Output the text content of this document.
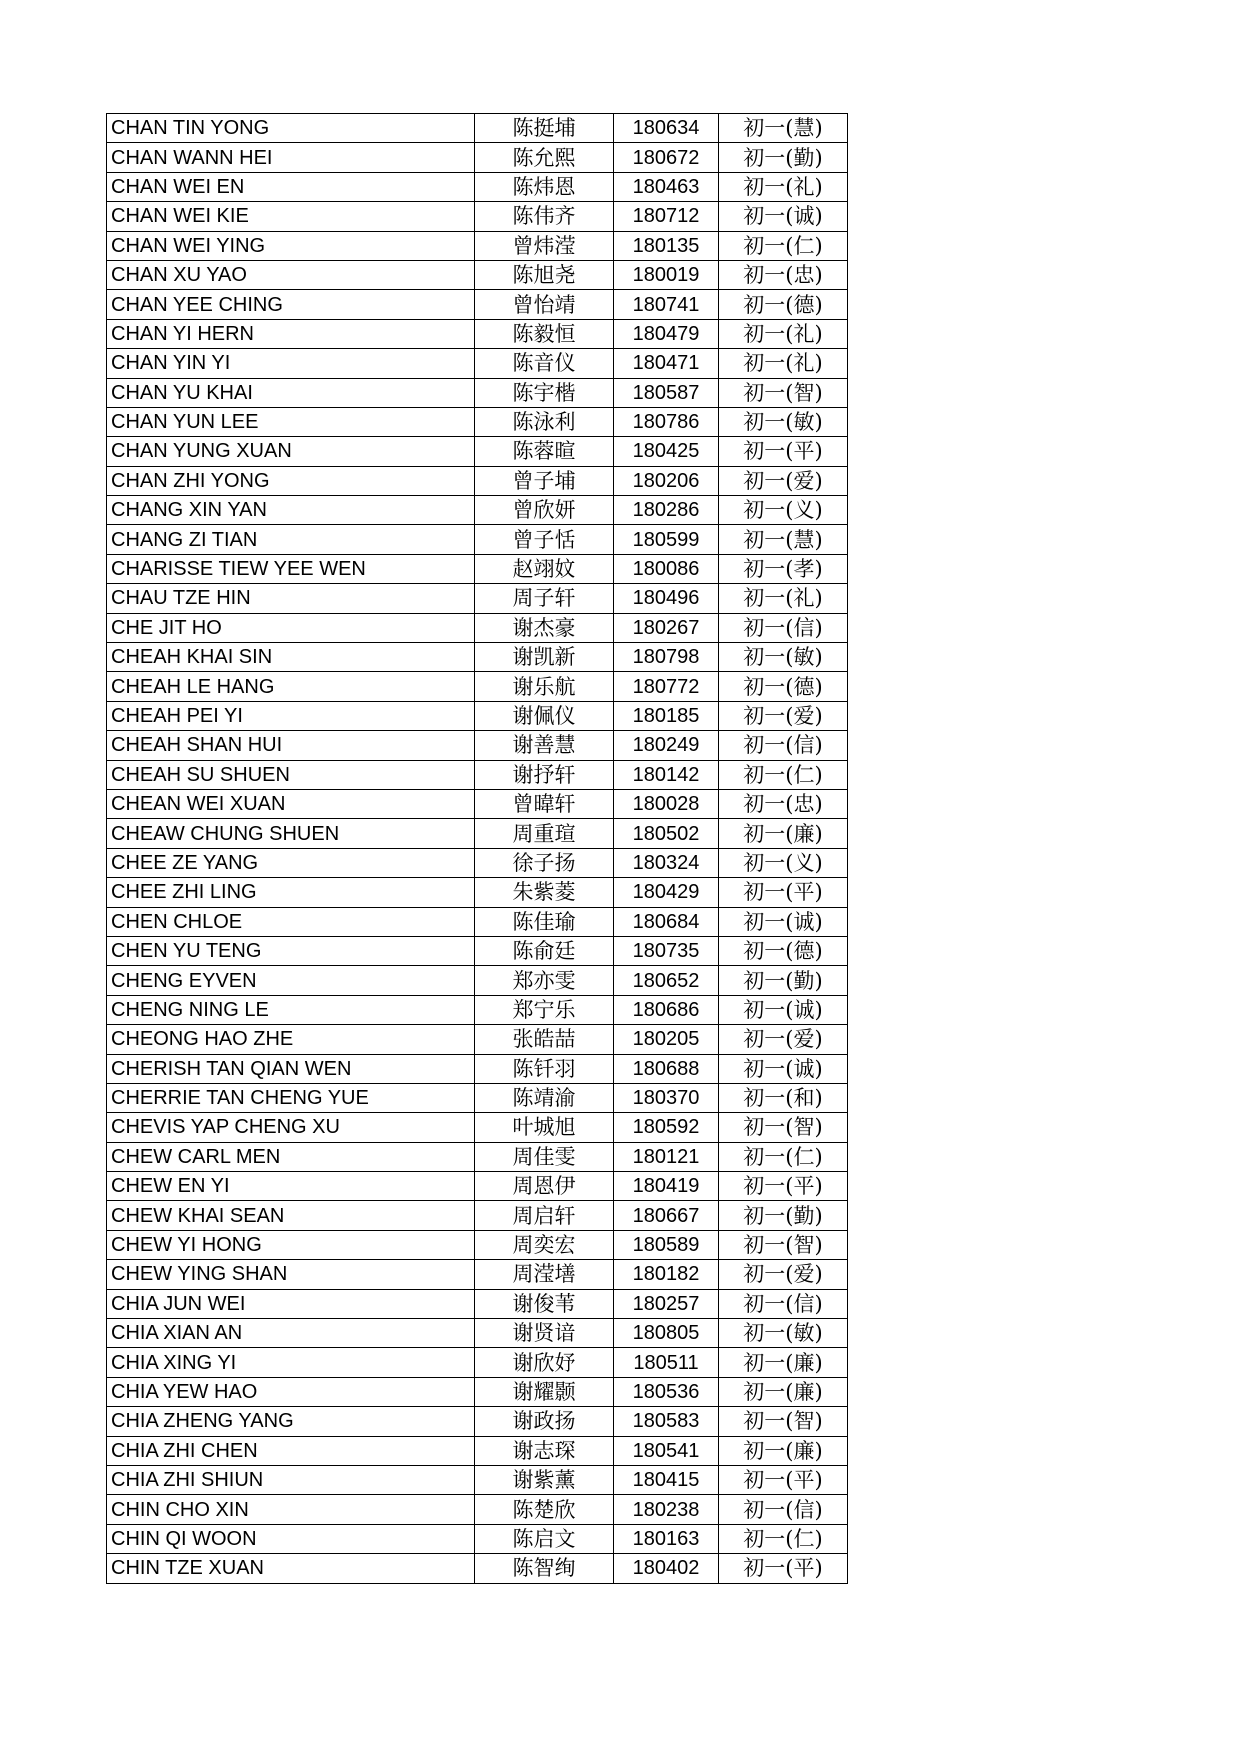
CHAN TIN YONG	陈挺埔	180634	初一(慧)
CHAN WANN HEI	陈允熙	180672	初一(勤)
CHAN WEI EN	陈炜恩	180463	初一(礼)
CHAN WEI KIE	陈伟齐	180712	初一(诚)
CHAN WEI YING	曾炜滢	180135	初一(仁)
CHAN XU YAO	陈旭尧	180019	初一(忠)
CHAN YEE CHING	曾怡靖	180741	初一(德)
CHAN YI HERN	陈毅恒	180479	初一(礼)
CHAN YIN YI	陈音仪	180471	初一(礼)
CHAN YU KHAI	陈宇楷	180587	初一(智)
CHAN YUN LEE	陈泳利	180786	初一(敏)
CHAN YUNG XUAN	陈蓉暄	180425	初一(平)
CHAN ZHI YONG	曾子埔	180206	初一(爱)
CHANG XIN YAN	曾欣妍	180286	初一(义)
CHANG ZI TIAN	曾子恬	180599	初一(慧)
CHARISSE TIEW YEE WEN	赵翊妏	180086	初一(孝)
CHAU TZE HIN	周子轩	180496	初一(礼)
CHE JIT HO	谢杰豪	180267	初一(信)
CHEAH KHAI SIN	谢凯新	180798	初一(敏)
CHEAH LE HANG	谢乐航	180772	初一(德)
CHEAH PEI YI	谢佩仪	180185	初一(爱)
CHEAH SHAN HUI	谢善慧	180249	初一(信)
CHEAH SU SHUEN	谢抒轩	180142	初一(仁)
CHEAN WEI XUAN	曾暐轩	180028	初一(忠)
CHEAW CHUNG SHUEN	周重瑄	180502	初一(廉)
CHEE ZE YANG	徐子扬	180324	初一(义)
CHEE ZHI LING	朱紫菱	180429	初一(平)
CHEN CHLOE	陈佳瑜	180684	初一(诚)
CHEN YU TENG	陈俞廷	180735	初一(德)
CHENG EYVEN	郑亦雯	180652	初一(勤)
CHENG NING LE	郑宁乐	180686	初一(诚)
CHEONG HAO ZHE	张皓喆	180205	初一(爱)
CHERISH TAN QIAN WEN	陈钎羽	180688	初一(诚)
CHERRIE TAN CHENG YUE	陈靖渝	180370	初一(和)
CHEVIS YAP CHENG XU	叶城旭	180592	初一(智)
CHEW CARL MEN	周佳雯	180121	初一(仁)
CHEW EN YI	周恩伊	180419	初一(平)
CHEW KHAI SEAN	周启轩	180667	初一(勤)
CHEW YI HONG	周奕宏	180589	初一(智)
CHEW YING SHAN	周滢墡	180182	初一(爱)
CHIA JUN WEI	谢俊苇	180257	初一(信)
CHIA XIAN AN	谢贤谙	180805	初一(敏)
CHIA XING YI	谢欣妤	180511	初一(廉)
CHIA YEW HAO	谢耀颢	180536	初一(廉)
CHIA ZHENG YANG	谢政扬	180583	初一(智)
CHIA ZHI CHEN	谢志琛	180541	初一(廉)
CHIA ZHI SHIUN	谢紫薰	180415	初一(平)
CHIN CHO XIN	陈楚欣	180238	初一(信)
CHIN QI WOON	陈启文	180163	初一(仁)
CHIN TZE XUAN	陈智绚	180402	初一(平)
